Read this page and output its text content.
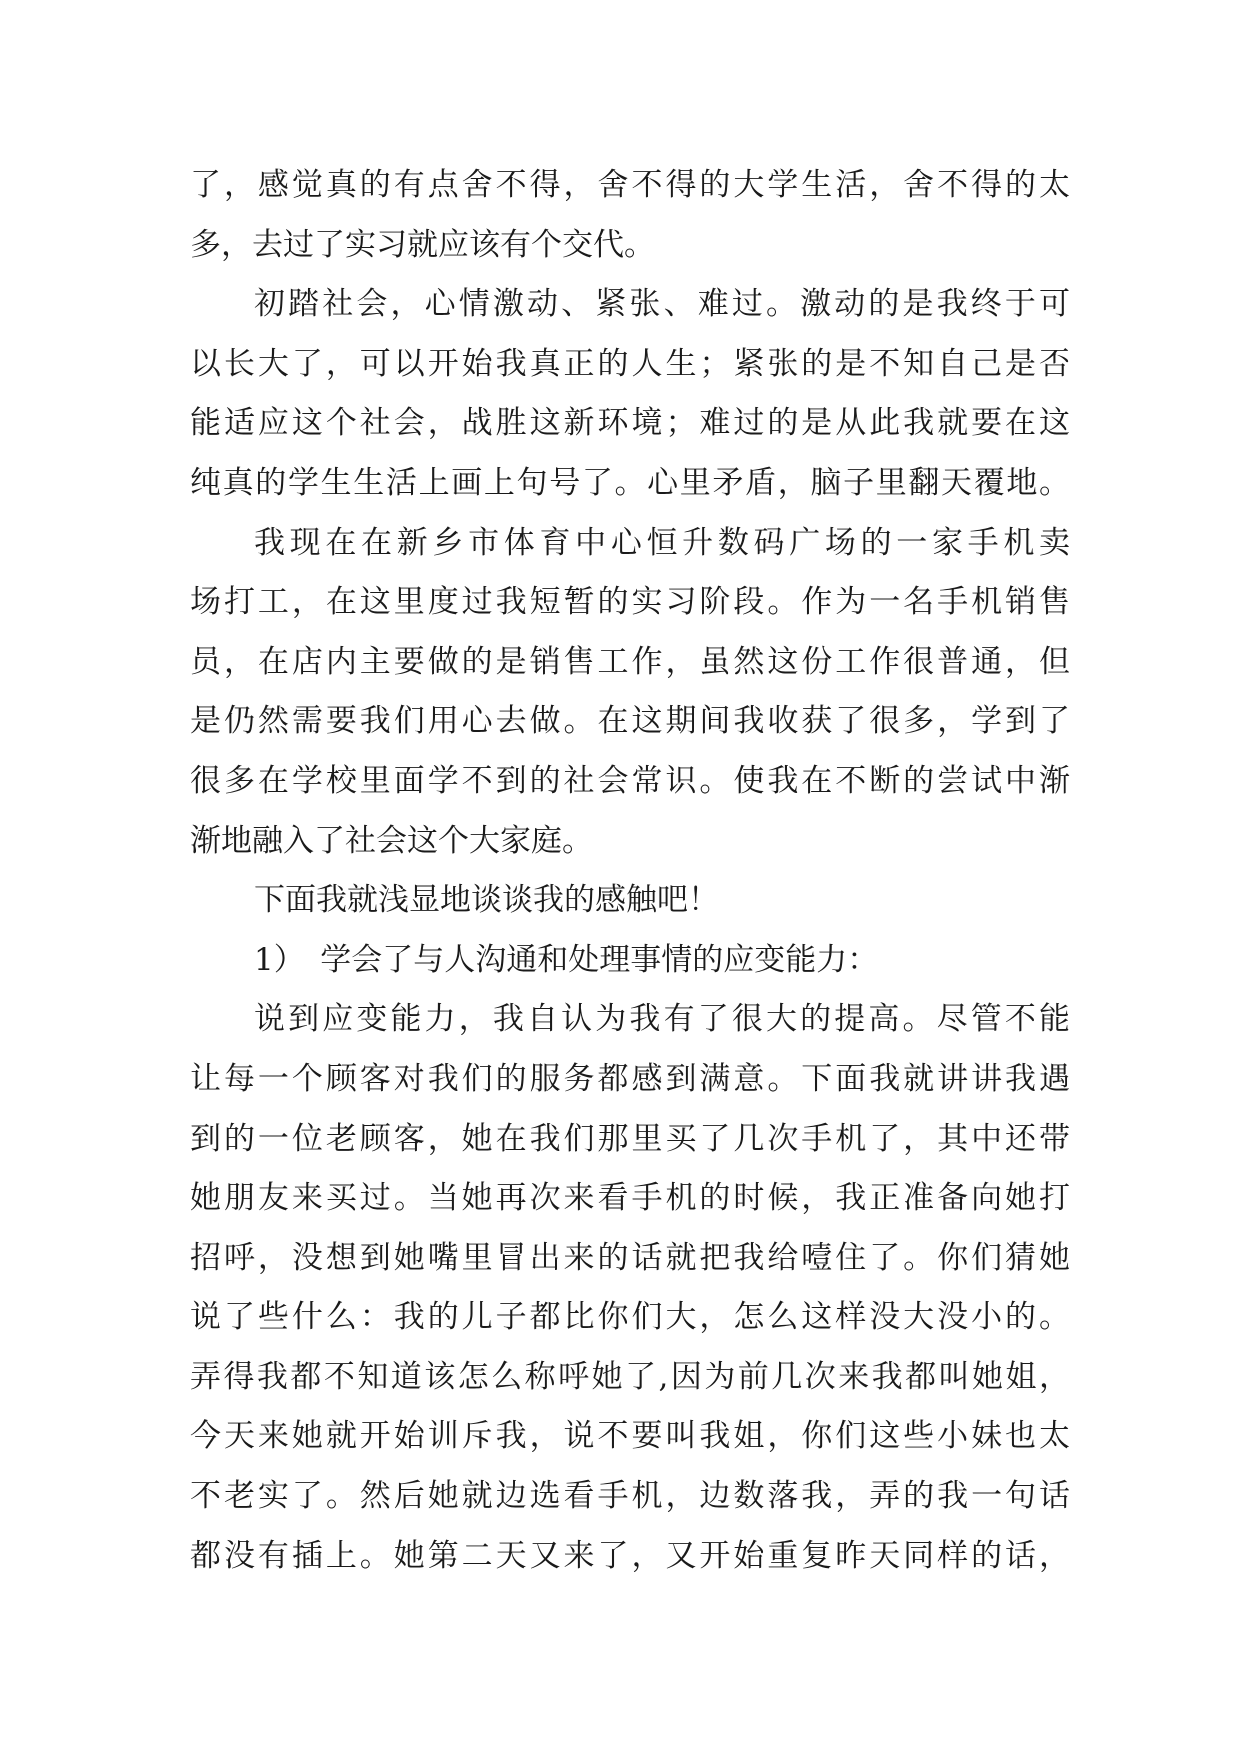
了，感觉真的有点舍不得，舍不得的大学生活，舍不得的太
多，去过了实习就应该有个交代。
初踏社会，心情激动、紧张、难过。激动的是我终于可
以长大了，可以开始我真正的人生；紧张的是不知自己是否
能适应这个社会，战胜这新环境；难过的是从此我就要在这
纯真的学生生活上画上句号了。心里矛盾，脑子里翻天覆地。
我现在在新乡市体育中心恒升数码广场的一家手机卖
场打工，在这里度过我短暂的实习阶段。作为一名手机销售
员，在店内主要做的是销售工作，虽然这份工作很普通，但
是仍然需要我们用心去做。在这期间我收获了很多，学到了
很多在学校里面学不到的社会常识。使我在不断的尝试中渐
渐地融入了社会这个大家庭。
下面我就浅显地谈谈我的感触吧！
1）　学会了与人沟通和处理事情的应变能力：
说到应变能力，我自认为我有了很大的提高。尽管不能
让每一个顾客对我们的服务都感到满意。下面我就讲讲我遇
到的一位老顾客，她在我们那里买了几次手机了，其中还带
她朋友来买过。当她再次来看手机的时候，我正准备向她打
招呼，没想到她嘴里冒出来的话就把我给噎住了。你们猜她
说了些什么：我的儿子都比你们大，怎么这样没大没小的。
弄得我都不知道该怎么称呼她了,因为前几次来我都叫她姐，
今天来她就开始训斥我，说不要叫我姐，你们这些小妹也太
不老实了。然后她就边选看手机，边数落我，弄的我一句话
都没有插上。她第二天又来了，又开始重复昨天同样的话，
